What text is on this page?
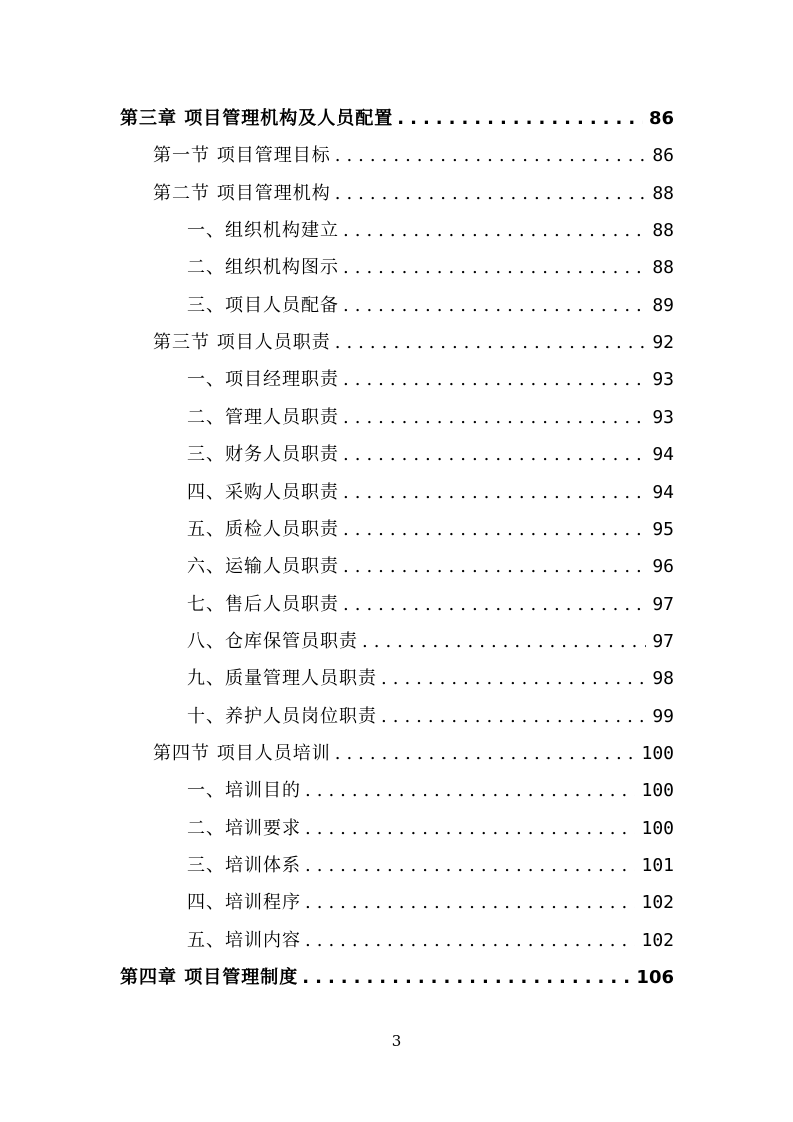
第三章 项目管理机构及人员配置 .....	86
第一节 项目管理目标 .....	86
第二节 项目管理机构 .....	88
一、组织机构建立 .....	88
二、组织机构图示 .....	88
三、项目人员配备 .....	89
第三节 项目人员职责 .....	92
一、项目经理职责 .....	93
二、管理人员职责 .....	93
三、财务人员职责 .....	94
四、采购人员职责 .....	94
五、质检人员职责 .....	95
六、运输人员职责 .....	96
七、售后人员职责 .....	97
八、仓库保管员职责 .....	97
九、质量管理人员职责 .....	98
十、养护人员岗位职责 .....	99
第四节 项目人员培训 .....	100
一、培训目的 .....	100
二、培训要求 .....	100
三、培训体系 .....	101
四、培训程序 .....	102
五、培训内容 .....	102
第四章 项目管理制度 .....	106
3
